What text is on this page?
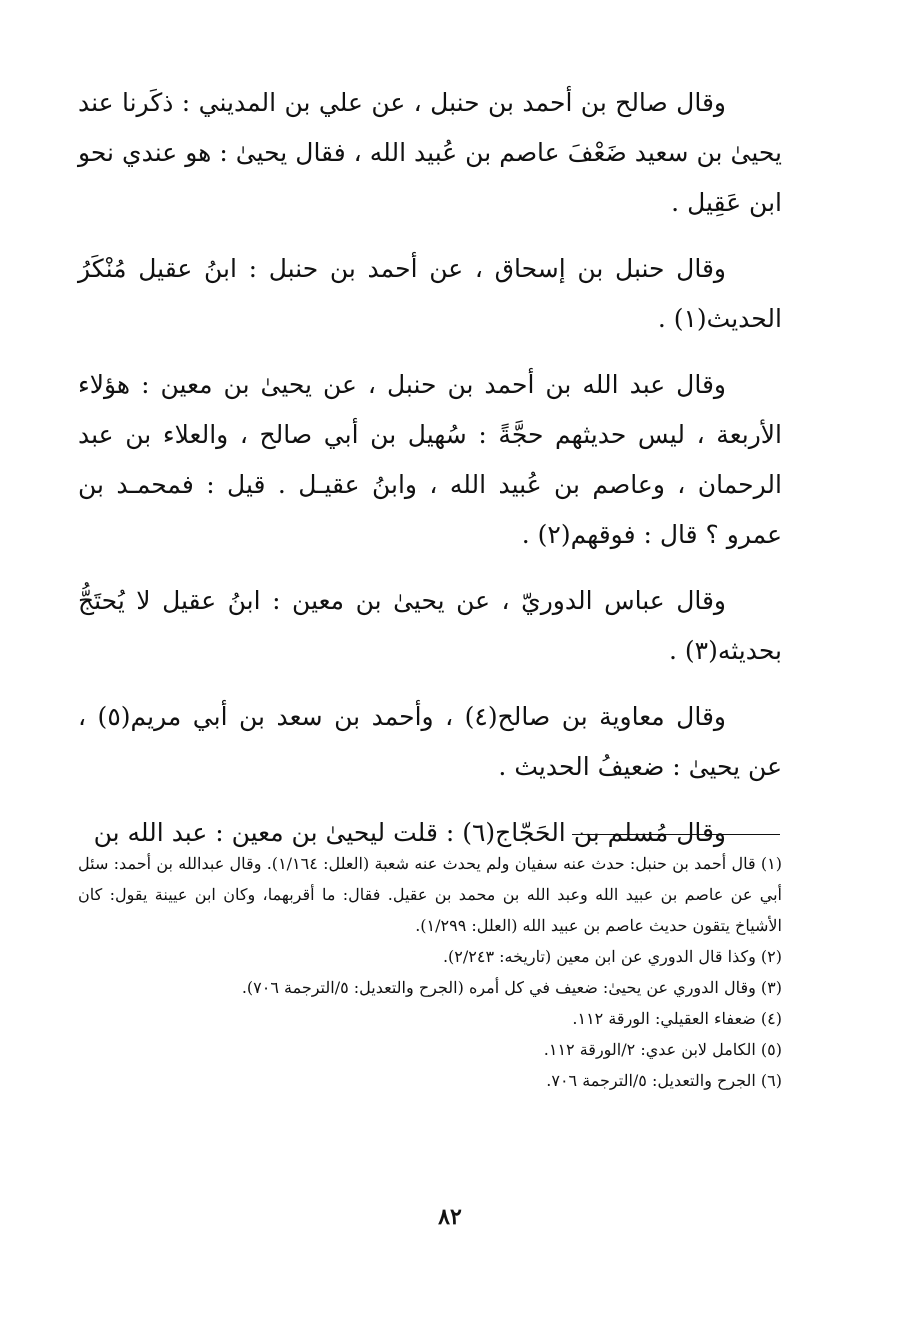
وقال صالح بن أحمد بن حنبل ، عن علي بن المديني : ذكَرنا عند يحيىٰ بن سعيد ضَعْفَ عاصم بن عُبيد الله ، فقال يحيىٰ : هو عندي نحو ابن عَقِيل .

وقال حنبل بن إسحاق ، عن أحمد بن حنبل : ابنُ عقيل مُنْكَرُ الحديث(١) .

وقال عبد الله بن أحمد بن حنبل ، عن يحيىٰ بن معين : هؤلاء الأربعة ، ليس حديثهم حجَّةً : سُهيل بن أبي صالح ، والعلاء بن عبد الرحمان ، وعاصم بن عُبيد الله ، وابنُ عقيـل . قيل : فمحمـد بن عمرو ؟ قال : فوقهم(٢) .

وقال عباس الدوريّ ، عن يحيىٰ بن معين : ابنُ عقيل لا يُحتَجُّ بحديثه(٣) .

وقال معاوية بن صالح(٤) ، وأحمد بن سعد بن أبي مريم(٥) ، عن يحيىٰ : ضعيفُ الحديث .

وقال مُسلم بن الحَجّاج(٦) : قلت ليحيىٰ بن معين : عبد الله بن

(١) قال أحمد بن حنبل: حدث عنه سفيان ولم يحدث عنه شعبة (العلل: ١/١٦٤). وقال عبدالله بن أحمد: سئل أبي عن عاصم بن عبيد الله وعبد الله بن محمد بن عقيل. فقال: ما أقربهما، وكان ابن عيينة يقول: كان الأشياخ يتقون حديث عاصم بن عبيد الله (العلل: ١/٢٩٩).

(٢) وكذا قال الدوري عن ابن معين (تاريخه: ٢/٢٤٣).

(٣) وقال الدوري عن يحيىٰ: ضعيف في كل أمره (الجرح والتعديل: ٥/الترجمة ٧٠٦).

(٤) ضعفاء العقيلي: الورقة ١١٢.

(٥) الكامل لابن عدي: ٢/الورقة ١١٢.

(٦) الجرح والتعديل: ٥/الترجمة ٧٠٦.

٨٢
